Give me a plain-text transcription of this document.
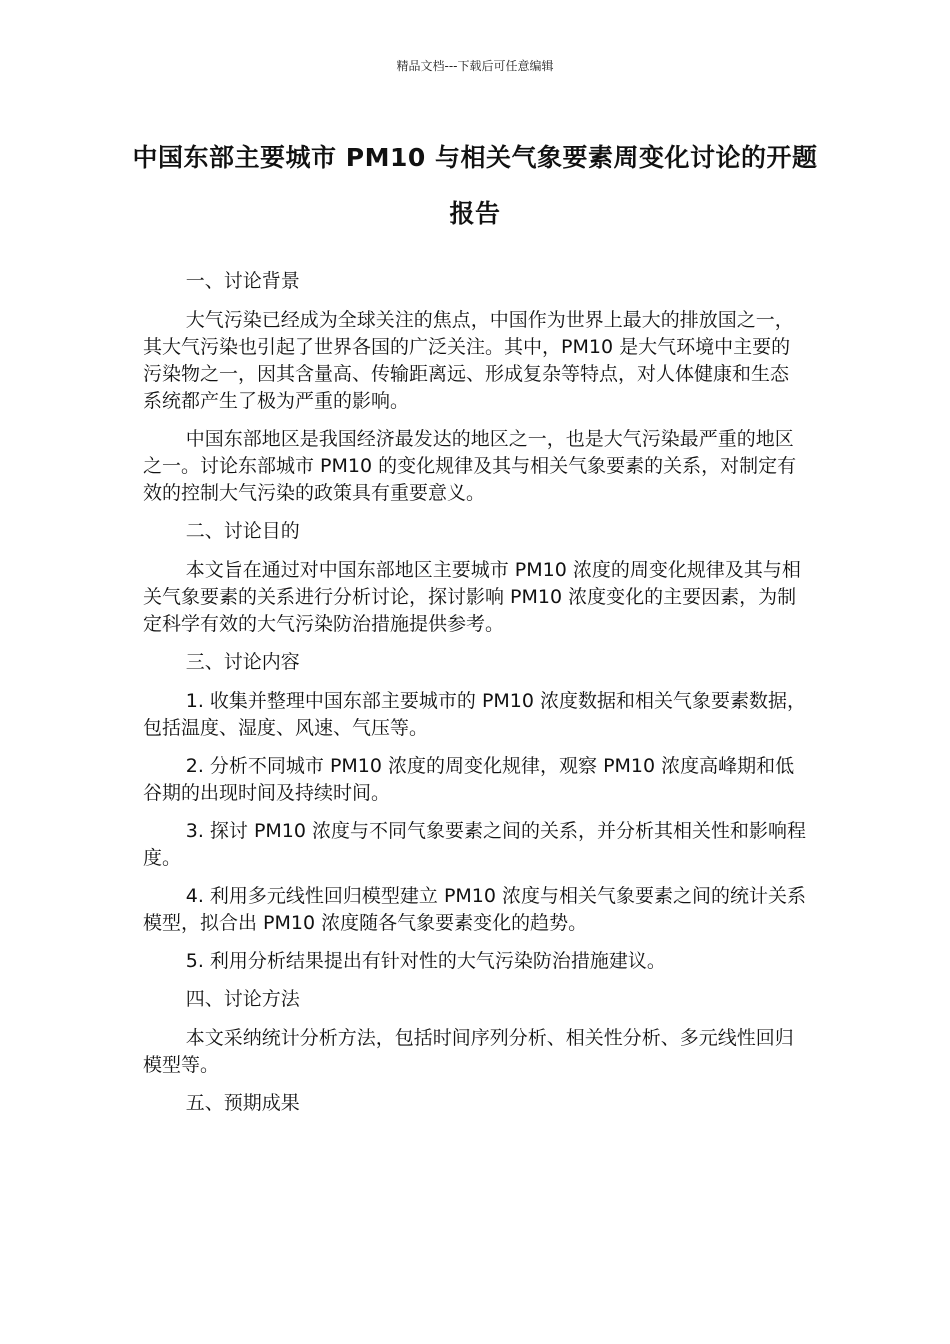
精品文档---下载后可任意编辑
中国东部主要城市 PM10 与相关气象要素周变化讨论的开题报告

一、讨论背景

大气污染已经成为全球关注的焦点，中国作为世界上最大的排放国之一，其大气污染也引起了世界各国的广泛关注。其中，PM10 是大气环境中主要的污染物之一，因其含量高、传输距离远、形成复杂等特点，对人体健康和生态系统都产生了极为严重的影响。

中国东部地区是我国经济最发达的地区之一，也是大气污染最严重的地区之一。讨论东部城市 PM10 的变化规律及其与相关气象要素的关系，对制定有效的控制大气污染的政策具有重要意义。

二、讨论目的

本文旨在通过对中国东部地区主要城市 PM10 浓度的周变化规律及其与相关气象要素的关系进行分析讨论，探讨影响 PM10 浓度变化的主要因素，为制定科学有效的大气污染防治措施提供参考。

三、讨论内容

1. 收集并整理中国东部主要城市的 PM10 浓度数据和相关气象要素数据，包括温度、湿度、风速、气压等。

2. 分析不同城市 PM10 浓度的周变化规律，观察 PM10 浓度高峰期和低谷期的出现时间及持续时间。

3. 探讨 PM10 浓度与不同气象要素之间的关系，并分析其相关性和影响程度。

4. 利用多元线性回归模型建立 PM10 浓度与相关气象要素之间的统计关系模型，拟合出 PM10 浓度随各气象要素变化的趋势。

5. 利用分析结果提出有针对性的大气污染防治措施建议。

四、讨论方法

本文采纳统计分析方法，包括时间序列分析、相关性分析、多元线性回归模型等。

五、预期成果
